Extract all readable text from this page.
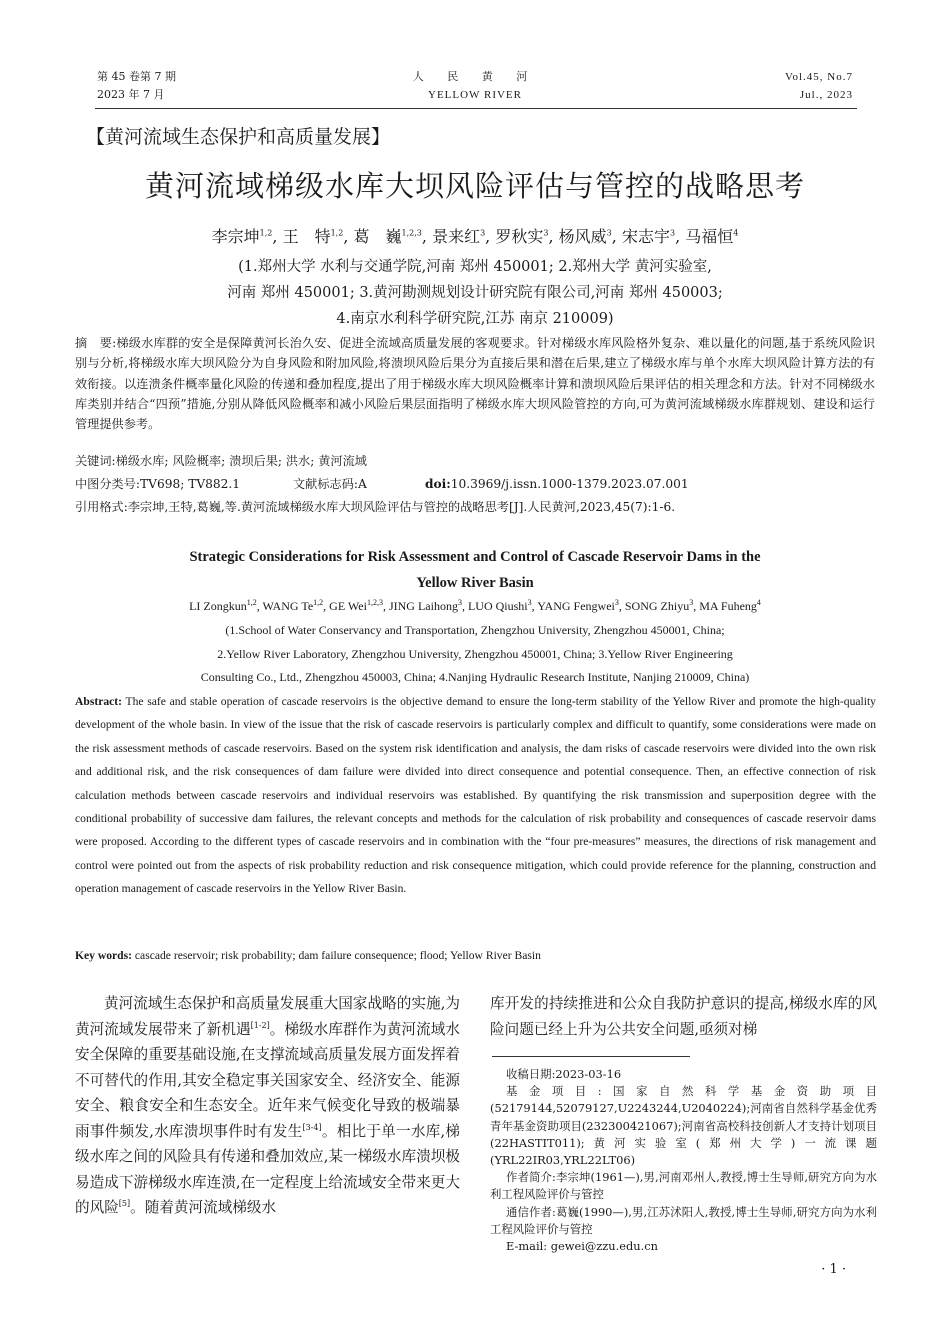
第 45 卷第 7 期
2023 年 7 月
人 民 黄 河
YELLOW RIVER
Vol.45, No.7
Jul., 2023
【黄河流域生态保护和高质量发展】
黄河流域梯级水库大坝风险评估与管控的战略思考
李宗坤$^{1,2}$, 王　特$^{1,2}$, 葛　巍$^{1,2,3}$, 景来红$^3$, 罗秋实$^3$, 杨风威$^3$, 宋志宇$^3$, 马福恒$^4$
(1.郑州大学 水利与交通学院,河南 郑州 450001; 2.郑州大学 黄河实验室,
河南 郑州 450001; 3.黄河勘测规划设计研究院有限公司,河南 郑州 450003;
4.南京水利科学研究院,江苏 南京 210009)

摘　要:梯级水库群的安全是保障黄河长治久安、促进全流域高质量发展的客观要求。针对梯级水库风险格外复杂、难以量化的问题,基于系统风险识别与分析,将梯级水库大坝风险分为自身风险和附加风险,将溃坝风险后果分为直接后果和潜在后果,建立了梯级水库与单个水库大坝风险计算方法的有效衔接。以连溃条件概率量化风险的传递和叠加程度,提出了用于梯级水库大坝风险概率计算和溃坝风险后果评估的相关理念和方法。针对不同梯级水库类别并结合“四预”措施,分别从降低风险概率和减小风险后果层面指明了梯级水库大坝风险管控的方向,可为黄河流域梯级水库群规划、建设和运行管理提供参考。

关键词:梯级水库; 风险概率; 溃坝后果; 洪水; 黄河流域
中图分类号:TV698; TV882.1	文献标志码:A	doi:10.3969/j.issn.1000-1379.2023.07.001
引用格式:李宗坤,王特,葛巍,等.黄河流域梯级水库大坝风险评估与管控的战略思考[J].人民黄河,2023,45(7):1-6.
Strategic Considerations for Risk Assessment and Control of Cascade Reservoir Dams in the
Yellow River Basin
LI Zongkun$^{1,2}$, WANG Te$^{1,2}$, GE Wei$^{1,2,3}$, JING Laihong$^3$, LUO Qiushi$^3$, YANG Fengwei$^3$, SONG Zhiyu$^3$, MA Fuheng$^4$
(1.School of Water Conservancy and Transportation, Zhengzhou University, Zhengzhou 450001, China;
2.Yellow River Laboratory, Zhengzhou University, Zhengzhou 450001, China; 3.Yellow River Engineering
Consulting Co., Ltd., Zhengzhou 450003, China; 4.Nanjing Hydraulic Research Institute, Nanjing 210009, China)
Abstract: The safe and stable operation of cascade reservoirs is the objective demand to ensure the long-term stability of the Yellow River and promote the high-quality development of the whole basin. In view of the issue that the risk of cascade reservoirs is particularly complex and difficult to quantify, some considerations were made on the risk assessment methods of cascade reservoirs. Based on the system risk identification and analysis, the dam risks of cascade reservoirs were divided into the own risk and additional risk, and the risk consequences of dam failure were divided into direct consequence and potential consequence. Then, an effective connection of risk calculation methods between cascade reservoirs and individual reservoirs was established. By quantifying the risk transmission and superposition degree with the conditional probability of successive dam failures, the relevant concepts and methods for the calculation of risk probability and consequences of cascade reservoir dams were proposed. According to the different types of cascade reservoirs and in combination with the “four pre-measures” measures, the directions of risk management and control were pointed out from the aspects of risk probability reduction and risk consequence mitigation, which could provide reference for the planning, construction and operation management of cascade reservoirs in the Yellow River Basin.
Key words: cascade reservoir; risk probability; dam failure consequence; flood; Yellow River Basin
黄河流域生态保护和高质量发展重大国家战略的实施,为黄河流域发展带来了新机遇[1-2]。梯级水库群作为黄河流域水安全保障的重要基础设施,在支撑流域高质量发展方面发挥着不可替代的作用,其安全稳定事关国家安全、经济安全、能源安全、粮食安全和生态安全。近年来气候变化导致的极端暴雨事件频发,水库溃坝事件时有发生[3-4]。相比于单一水库,梯级水库之间的风险具有传递和叠加效应,某一梯级水库溃坝极易造成下游梯级水库连溃,在一定程度上给流域安全带来更大的风险[5]。随着黄河流域梯级水
库开发的持续推进和公众自我防护意识的提高,梯级水库的风险问题已经上升为公共安全问题,亟须对梯

收稿日期:2023-03-16

基金项目:国家自然科学基金资助项目(52179144,52079127,U2243244,U2040224);河南省自然科学基金优秀青年基金资助项目(232300421067);河南省高校科技创新人才支持计划项目(22HASTIT011);黄河实验室(郑州大学)一流课题(YRL22IR03,YRL22LT06)

作者简介:李宗坤(1961—),男,河南邓州人,教授,博士生导师,研究方向为水利工程风险评价与管控

通信作者:葛巍(1990—),男,江苏沭阳人,教授,博士生导师,研究方向为水利工程风险评价与管控

E-mail: gewei@zzu.edu.cn

· 1 ·
